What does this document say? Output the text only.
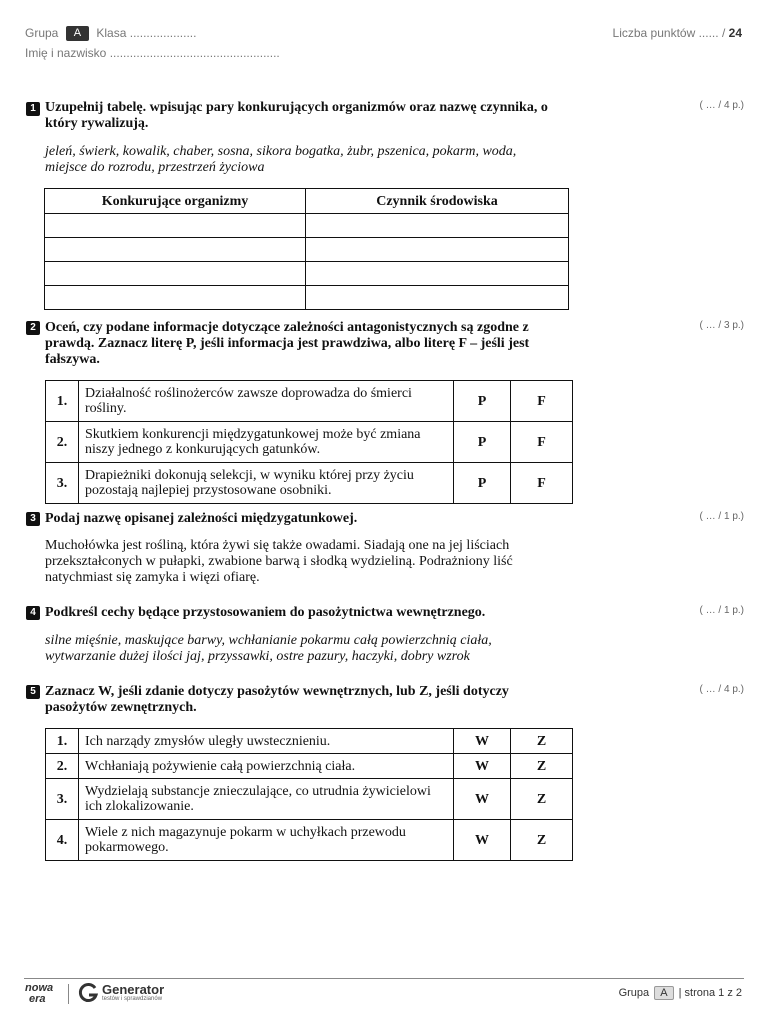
Grupa A Klasa ....................
Imię i nazwisko ...................................................
Liczba punktów ...... / 24
1 Uzupełnij tabelę. wpisując pary konkurujących organizmów oraz nazwę czynnika, o który rywalizują.
( … / 4 p.)
jeleń, świerk, kowalik, chaber, sosna, sikora bogatka, żubr, pszenica, pokarm, woda, miejsce do rozrodu, przestrzeń życiowa
Konkurujące organizmy	Czynnik środowiska

2 Oceń, czy podane informacje dotyczące zależności antagonistycznych są zgodne z prawdą. Zaznacz literę P, jeśli informacja jest prawdziwa, albo literę F – jeśli jest fałszywa.
( … / 3 p.)
1.	Działalność roślinożerców zawsze doprowadza do śmierci rośliny.	P	F
2.	Skutkiem konkurencji międzygatunkowej może być zmiana niszy jednego z konkurujących gatunków.	P	F
3.	Drapieżniki dokonują selekcji, w wyniku której przy życiu pozostają najlepiej przystosowane osobniki.	P	F
3 Podaj nazwę opisanej zależności międzygatunkowej.	( … / 1 p.)
Muchołówka jest rośliną, która żywi się także owadami. Siadają one na jej liściach przekształconych w pułapki, zwabione barwą i słodką wydzieliną. Podrażniony liść natychmiast się zamyka i więzi ofiarę.
4 Podkreśl cechy będące przystosowaniem do pasożytnictwa wewnętrznego.	( … / 1 p.)
silne mięśnie, maskujące barwy, wchłanianie pokarmu całą powierzchnią ciała, wytwarzanie dużej ilości jaj, przyssawki, ostre pazury, haczyki, dobry wzrok
5 Zaznacz W, jeśli zdanie dotyczy pasożytów wewnętrznych, lub Z, jeśli dotyczy pasożytów zewnętrznych.
( … / 4 p.)
1.	Ich narządy zmysłów uległy uwstecznieniu.	W	Z
2.	Wchłaniają pożywienie całą powierzchnią ciała.	W	Z
3.	Wydzielają substancje znieczulające, co utrudnia żywicielowi ich zlokalizowanie.	W	Z
4.	Wiele z nich magazynuje pokarm w uchyłkach przewodu pokarmowego.	W	Z
nowa
era
Generator
testów i sprawdzianów	Grupa A | strona 1 z 2
